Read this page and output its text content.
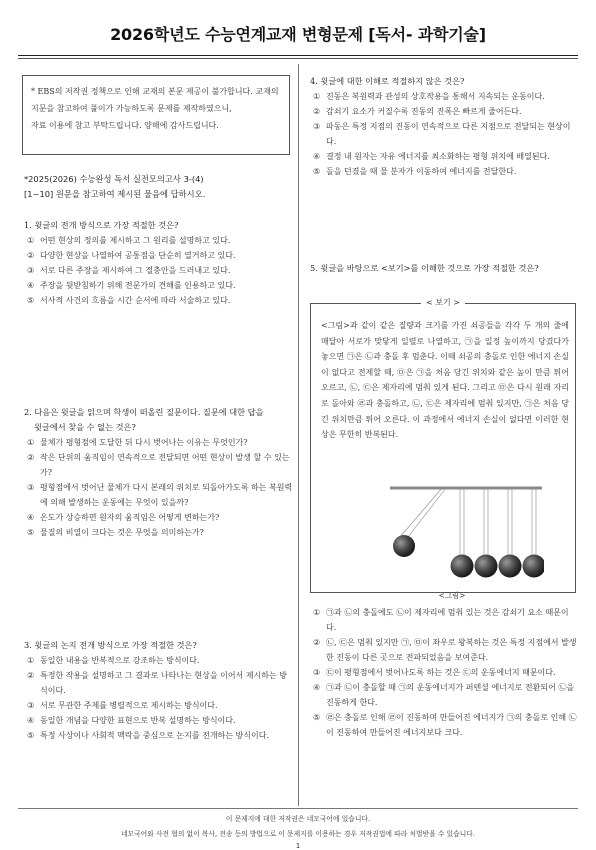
2026학년도 수능연계교재 변형문제 [독서- 과학기술]

* EBS의 저작권 정책으로 인해 교재의 본문 제공이 불가합니다. 교재의

지문을 참고하여 풀이가 가능하도록 문제를 제작하였으니,

자료 이용에 참고 부탁드립니다. 양해에 감사드립니다.

*2025(2026) 수능완성 독서 실전모의고사 3-(4)
[1~10] 원문을 참고하여 제시된 물음에 답하시오.
1. 윗글의 전개 방식으로 가장 적절한 것은?
① 어떤 현상의 정의를 제시하고 그 원리를 설명하고 있다.
② 다양한 현상을 나열하여 공통점을 단순히 열거하고 있다.
③ 서로 다른 주장을 제시하여 그 절충안을 드러내고 있다.
④ 주장을 뒷받침하기 위해 전문가의 견해를 인용하고 있다.
⑤ 서사적 사건의 흐름을 시간 순서에 따라 서술하고 있다.
2. 다음은 윗글을 읽으며 학생이 떠올린 질문이다. 질문에 대한 답을
윗글에서 찾을 수 없는 것은?
① 물체가 평형점에 도달한 뒤 다시 벗어나는 이유는 무엇인가?
② 작은 단위의 움직임이 연속적으로 전달되면 어떤 현상이 발생 할 수 있는가?
③ 평형점에서 벗어난 물체가 다시 본래의 위치로 되돌아가도록 하는 복원력에 의해 발생하는 운동에는 무엇이 있을까?
④ 온도가 상승하면 원자의 움직임은 어떻게 변하는가?
⑤ 물질의 비열이 크다는 것은 무엇을 의미하는가?
3. 윗글의 논지 전개 방식으로 가장 적절한 것은?
① 동일한 내용을 반복적으로 강조하는 방식이다.
② 특정한 작용을 설명하고 그 결과로 나타나는 현상을 이어서 제시하는 방식이다.
③ 서로 무관한 주제를 병렬적으로 제시하는 방식이다.
④ 동일한 개념을 다양한 표현으로 반복 설명하는 방식이다.
⑤ 특정 사상이나 사회적 맥락을 중심으로 논지를 전개하는 방식이다.
4. 윗글에 대한 이해로 적절하지 않은 것은?
① 진동은 복원력과 관성의 상호작용을 통해서 지속되는 운동이다.
② 감쇠기 요소가 커질수록 진동의 진폭은 빠르게 줄어든다.
③ 파동은 특정 지점의 진동이 연속적으로 다른 지점으로 전달되는 현상이다.
④ 결정 내 원자는 자유 에너지를 최소화하는 평형 위치에 배열된다.
⑤ 돌을 던졌을 때 물 분자가 이동하여 에너지를 전달한다.
5. 윗글을 바탕으로 <보기>를 이해한 것으로 가장 적절한 것은?
< 보기 >
<그림>과 같이 같은 질량과 크기를 가진 쇠공들을 각각 두 개의 줄에 매달아 서로가 맞닿게 일렬로 나열하고, ㉠을 일정 높이까지 당겼다가 놓으면 ㉠은 ㉡과 충돌 후 멈춘다. 이때 쇠공의 충돌로 인한 에너지 손실이 없다고 전제할 때, ㉤은 ㉠을 처음 당긴 위치와 같은 높이 만큼 튀어 오르고, ㉡, ㉢은 제자리에 멈춰 있게 된다. 그리고 ㉤은 다시 원래 자리로 돌아와 ㉣과 충돌하고, ㉡, ㉢은 제자리에 멈춰 있지만, ㉠은 처음 당긴 위치만큼 튀어 오른다. 이 과정에서 에너지 손실이 없다면 이러한 현상은 무한히 반복된다.
<그림>
① ㉠과 ㉡의 충돌에도 ㉡이 제자리에 멈춰 있는 것은 감쇠기 요소 때문이다.
② ㉡, ㉢은 멈춰 있지만 ㉠, ㉤이 좌우로 왕복하는 것은 특정 지점에서 발생한 진동이 다른 곳으로 전파되었음을 보여준다.
③ ㉢이 평형점에서 벗어나도록 하는 것은 ㉢의 운동에너지 때문이다.
④ ㉠과 ㉡이 충돌할 때 ㉠의 운동에너지가 퍼텐셜 에너지로 전환되어 ㉡을 진동하게 한다.
⑤ ㉣은 충돌로 인해 ㉣이 진동하며 만들어진 에너지가 ㉠의 충돌로 인해 ㉡이 진동하여 만들어진 에너지보다 크다.

이 문제지에 대한 저작권은 네모국어에 있습니다.

네모국어와 사전 협의 없이 복사, 전송 등의 방법으로 이 문제지를 이용하는 경우 저작권법에 따라 처벌받을 수 있습니다.

1
